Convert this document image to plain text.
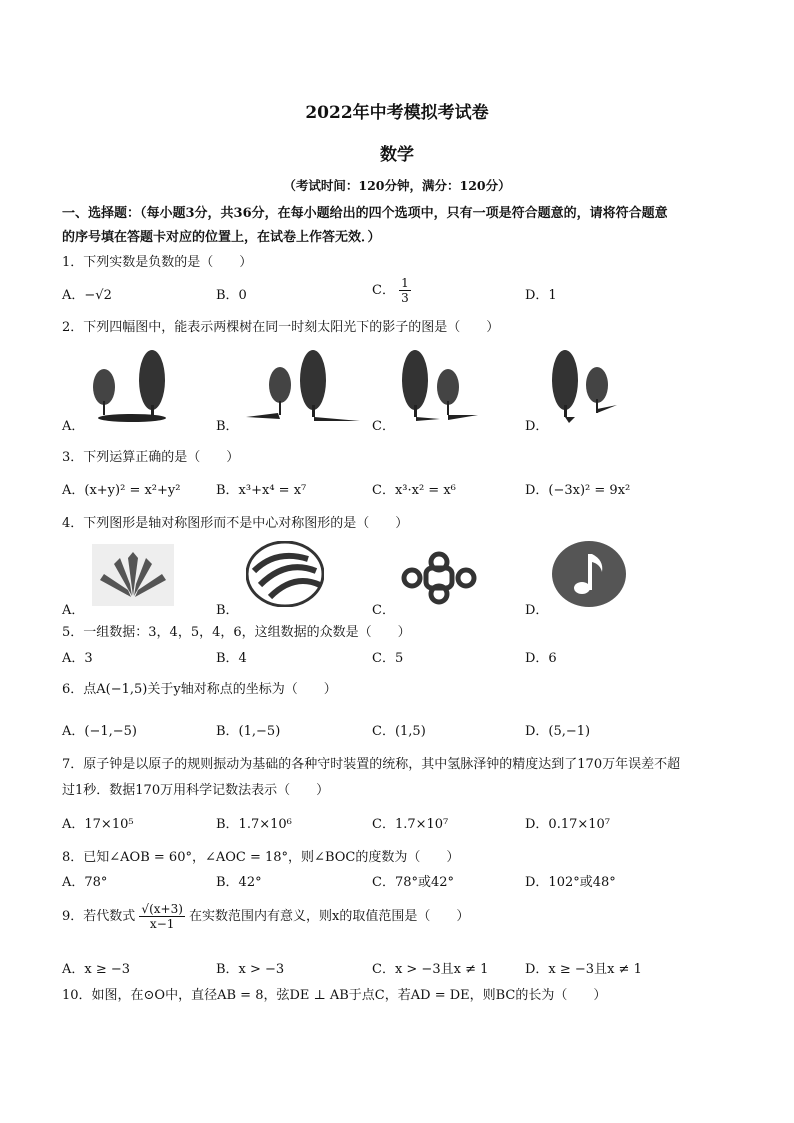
2022年中考模拟考试卷
数学
（考试时间：120分钟，满分：120分）
一、选择题：（每小题3分，共36分，在每小题给出的四个选项中，只有一项是符合题意的，请将符合题意
的序号填在答题卡对应的位置上，在试卷上作答无效．）
1．下列实数是负数的是（　　）
A．−√2	B．0	C． $\frac{1}{3}$	D．1
2．下列四幅图中，能表示两棵树在同一时刻太阳光下的影子的图是（　　）
A．	B．	C．	D．
3．下列运算正确的是（　　）
A．(x+y)² = x²+y²	B．x³+x⁴ = x⁷	C．x³·x² = x⁶	D．(−3x)² = 9x²
4．下列图形是轴对称图形而不是中心对称图形的是（　　）
A．	B．	C．	D．
5．一组数据：3，4，5，4，6，这组数据的众数是（　　）
A．3	B．4	C．5	D．6
6．点A(−1,5)关于y轴对称点的坐标为（　　）
A．(−1,−5)	B．(1,−5)	C．(1,5)	D．(5,−1)
7．原子钟是以原子的规则振动为基础的各种守时装置的统称，其中氢脉泽钟的精度达到了170万年误差不超
过1秒．数据170万用科学记数法表示（　　）
A．17×10⁵	B．1.7×10⁶	C．1.7×10⁷	D．0.17×10⁷
8．已知∠AOB = 60°，∠AOC = 18°，则∠BOC的度数为（　　）
A．78°	B．42°	C．78°或42°	D．102°或48°
9．若代数式 $\frac{√(x+3)}{x-1}$ 在实数范围内有意义，则x的取值范围是（　　）
A．x ≥ −3	B．x > −3	C．x > −3且x ≠ 1	D．x ≥ −3且x ≠ 1
10．如图，在⊙O中，直径AB = 8，弦DE ⊥ AB于点C，若AD = DE，则BC的长为（　　）
